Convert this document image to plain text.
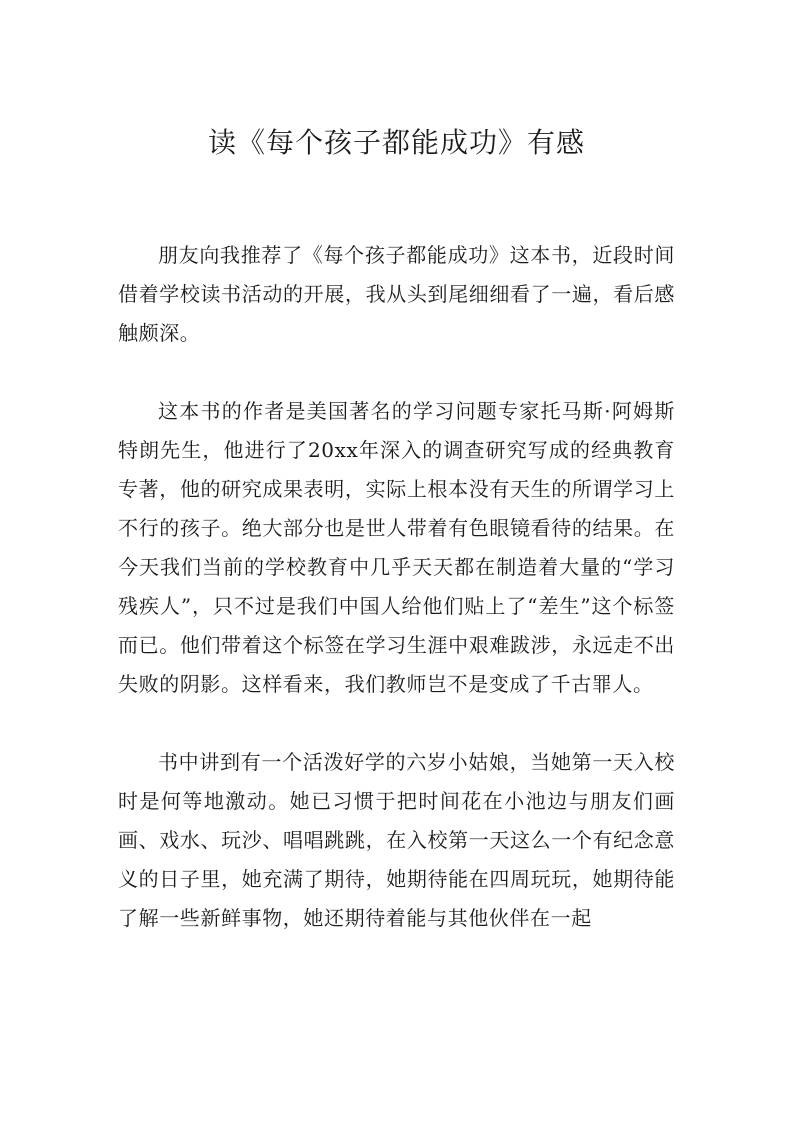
读《每个孩子都能成功》有感

朋友向我推荐了《每个孩子都能成功》这本书，近段时间借着学校读书活动的开展，我从头到尾细细看了一遍，看后感触颇深。

这本书的作者是美国著名的学习问题专家托马斯·阿姆斯特朗先生，他进行了20xx年深入的调查研究写成的经典教育专著，他的研究成果表明，实际上根本没有天生的所谓学习上不行的孩子。绝大部分也是世人带着有色眼镜看待的结果。在今天我们当前的学校教育中几乎天天都在制造着大量的“学习残疾人”，只不过是我们中国人给他们贴上了“差生”这个标签而已。他们带着这个标签在学习生涯中艰难跋涉，永远走不出失败的阴影。这样看来，我们教师岂不是变成了千古罪人。

书中讲到有一个活泼好学的六岁小姑娘，当她第一天入校时是何等地激动。她已习惯于把时间花在小池边与朋友们画画、戏水、玩沙、唱唱跳跳，在入校第一天这么一个有纪念意义的日子里，她充满了期待，她期待能在四周玩玩，她期待能了解一些新鲜事物，她还期待着能与其他伙伴在一起
